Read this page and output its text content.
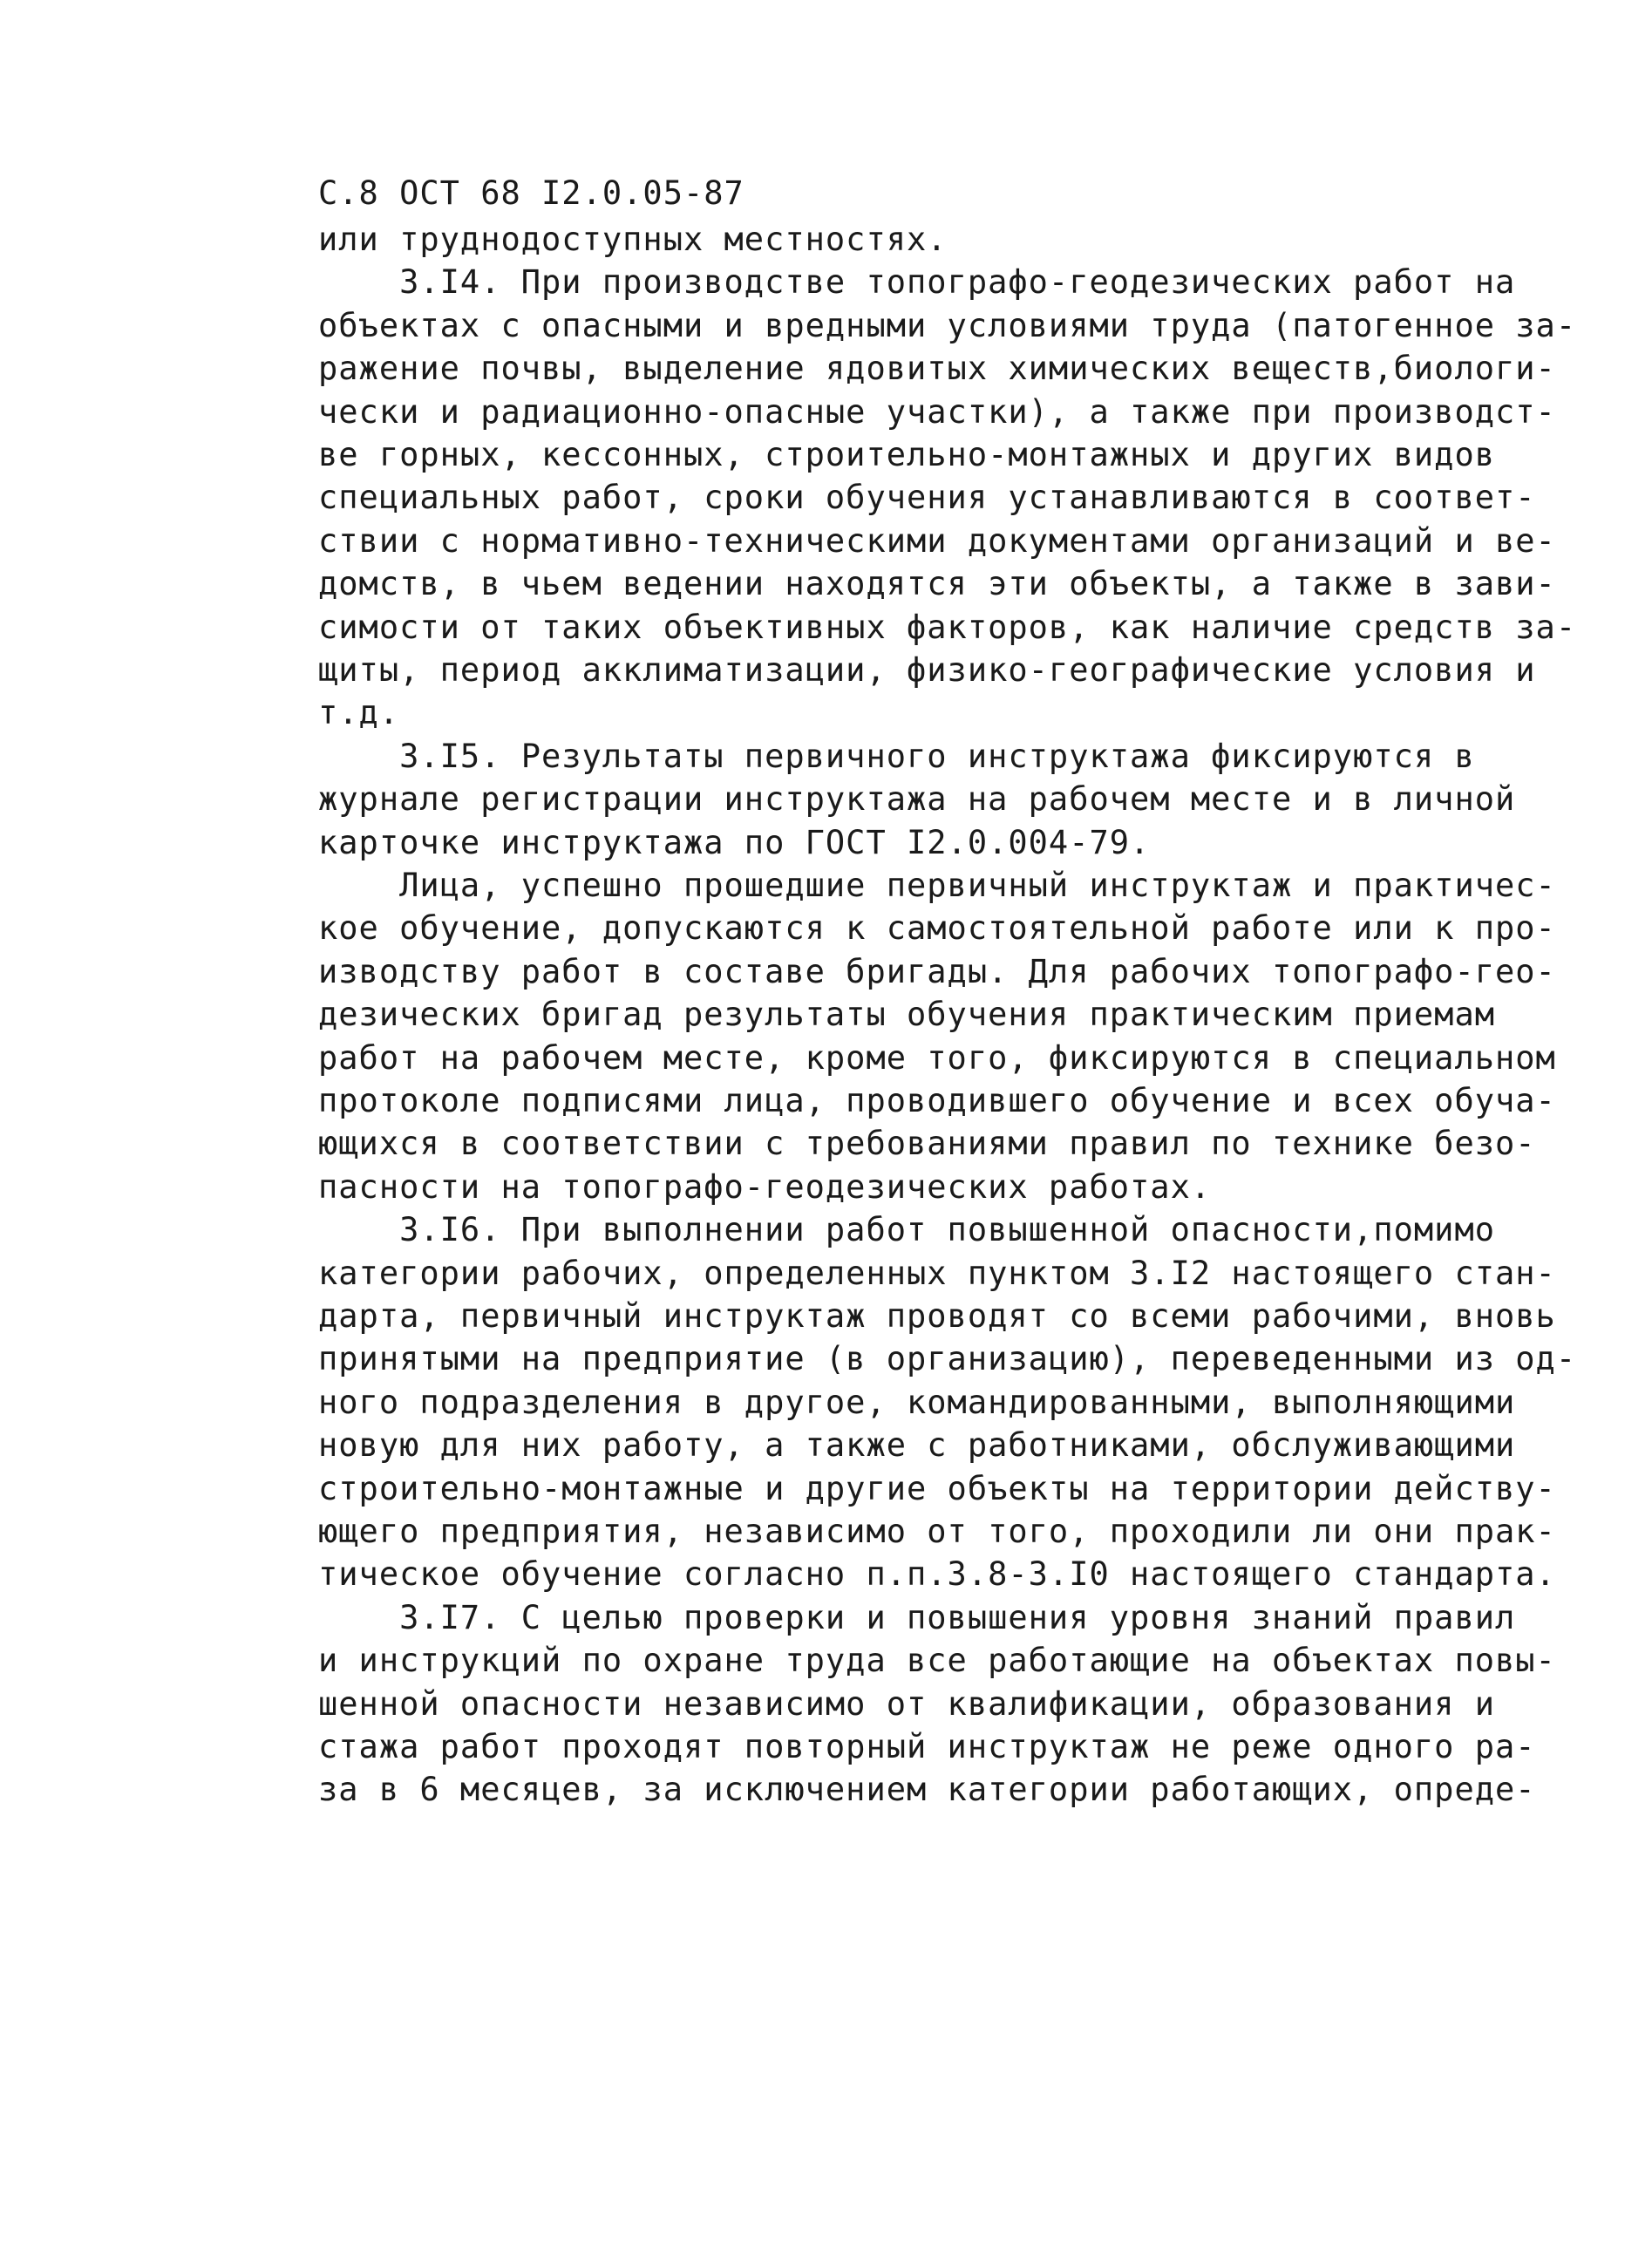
С.8 ОСТ 68 I2.0.05-87
или труднодоступных местностях.
3.I4. При производстве топографо-геодезических работ на
объектах с опасными и вредными условиями труда (патогенное за-
ражение почвы, выделение ядовитых химических веществ,биологи-
чески и радиационно-опасные участки), а также при производст-
ве горных, кессонных, строительно-монтажных и других видов
специальных работ, сроки обучения устанавливаются в соответ-
ствии с нормативно-техническими документами организаций и ве-
домств, в чьем ведении находятся эти объекты, а также в зави-
симости от таких объективных факторов, как наличие средств за-
щиты, период акклиматизации, физико-географические условия и
т.д.
3.I5. Результаты первичного инструктажа фиксируются в
журнале регистрации инструктажа на рабочем месте и в личной
карточке инструктажа по ГОСТ I2.0.004-79.
Лица, успешно прошедшие первичный инструктаж и практичес-
кое обучение, допускаются к самостоятельной работе или к про-
изводству работ в составе бригады. Для рабочих топографо-гео-
дезических бригад результаты обучения практическим приемам
работ на рабочем месте, кроме того, фиксируются в специальном
протоколе подписями лица, проводившего обучение и всех обуча-
ющихся в соответствии с требованиями правил по технике безо-
пасности на топографо-геодезических работах.
3.I6. При выполнении работ повышенной опасности,помимо
категории рабочих, определенных пунктом 3.I2 настоящего стан-
дарта, первичный инструктаж проводят со всеми рабочими, вновь
принятыми на предприятие (в организацию), переведенными из од-
ного подразделения в другое, командированными, выполняющими
новую для них работу, а также с работниками, обслуживающими
строительно-монтажные и другие объекты на территории действу-
ющего предприятия, независимо от того, проходили ли они прак-
тическое обучение согласно п.п.3.8-3.I0 настоящего стандарта.
3.I7. С целью проверки и повышения уровня знаний правил
и инструкций по охране труда все работающие на объектах повы-
шенной опасности независимо от квалификации, образования и
стажа работ проходят повторный инструктаж не реже одного ра-
за в 6 месяцев, за исключением категории работающих, опреде-
